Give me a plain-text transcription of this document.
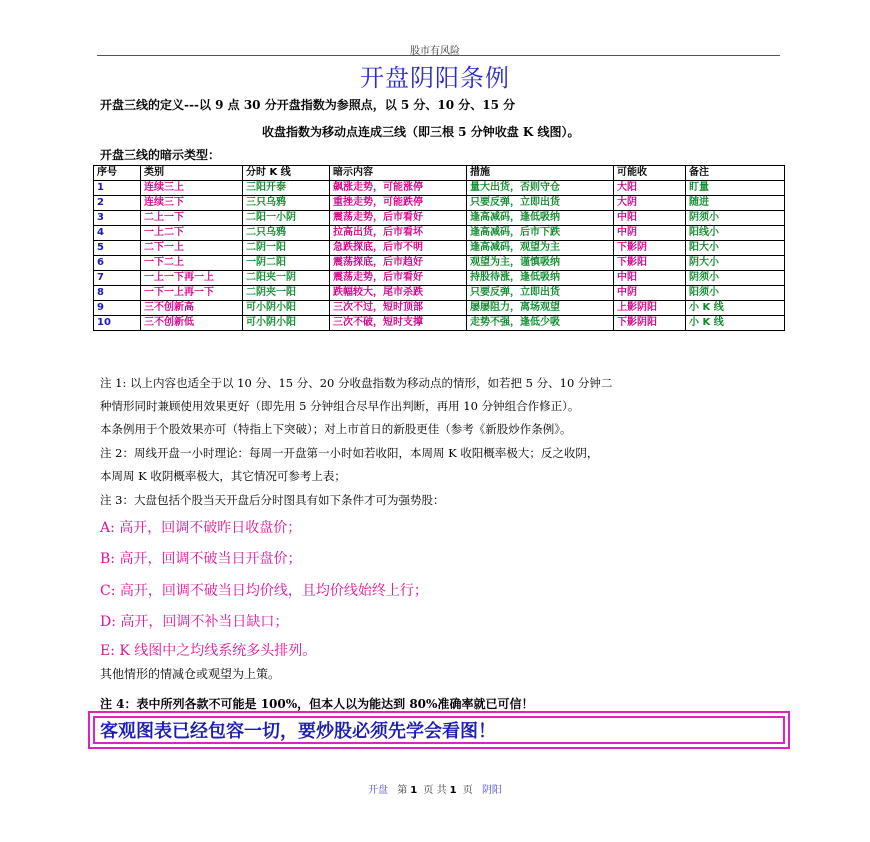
股市有风险
开盘阴阳条例
开盘三线的定义---以 9 点 30 分开盘指数为参照点，以 5 分、10 分、15 分
收盘指数为移动点连成三线（即三根 5 分钟收盘 K 线图）。
开盘三线的暗示类型：
序号	类别	分时 K 线	暗示内容	措施	可能收	备注
1	连续三上	三阳开泰	飙涨走势，可能涨停	量大出货，否则守仓	大阳	盯量
2	连续三下	三只乌鸦	重挫走势，可能跌停	只要反弹，立即出货	大阴	随进
3	二上一下	二阳一小阴	震荡走势，后市看好	逢高减码，逢低吸纳	中阳	阴须小
4	一上二下	二只乌鸦	拉高出货，后市看坏	逢高减码，后市下跌	中阴	阳线小
5	二下一上	二阴一阳	急跌探底，后市不明	逢高减码，观望为主	下影阴	阳大小
6	一下二上	一阴二阳	震荡探底，后市趋好	观望为主，谨慎吸纳	下影阳	阴大小
7	一上一下再一上	二阳夹一阴	震荡走势，后市看好	持股待涨，逢低吸纳	中阳	阴须小
8	一下一上再一下	二阴夹一阳	跌幅较大，尾市杀跌	只要反弹，立即出货	中阴	阳须小
9	三不创新高	可小阴小阳	三次不过，短时顶部	屡屡阻力，离场观望	上影阴阳	小 K 线
10	三不创新低	可小阴小阳	三次不破，短时支撑	走势不强，逢低少吸	下影阴阳	小 K 线
注 1: 以上内容也适全于以 10 分、15 分、20 分收盘指数为移动点的情形，如若把 5 分、10 分钟二
种情形同时兼顾使用效果更好（即先用 5 分钟组合尽早作出判断，再用 10 分钟组合作修正）。
本条例用于个股效果亦可（特指上下突破）；对上市首日的新股更佳（参考《新股炒作条例》。
注 2：周线开盘一小时理论：每周一开盘第一小时如若收阳，本周周 K 收阳概率极大；反之收阴，
本周周 K 收阴概率极大，其它情况可参考上表；
注 3：大盘包括个股当天开盘后分时图具有如下条件才可为强势股：
A: 高开，回调不破昨日收盘价；
B: 高开，回调不破当日开盘价；
C: 高开，回调不破当日均价线，且均价线始终上行；
D: 高开，回调不补当日缺口；
E: K 线图中之均线系统多头排列。
其他情形的情减仓或观望为上策。
注 4：表中所列各款不可能是 100%，但本人以为能达到 80%准确率就已可信！
客观图表已经包容一切，要炒股必须先学会看图！
开盘 第 1 页 共 1 页 阴阳
